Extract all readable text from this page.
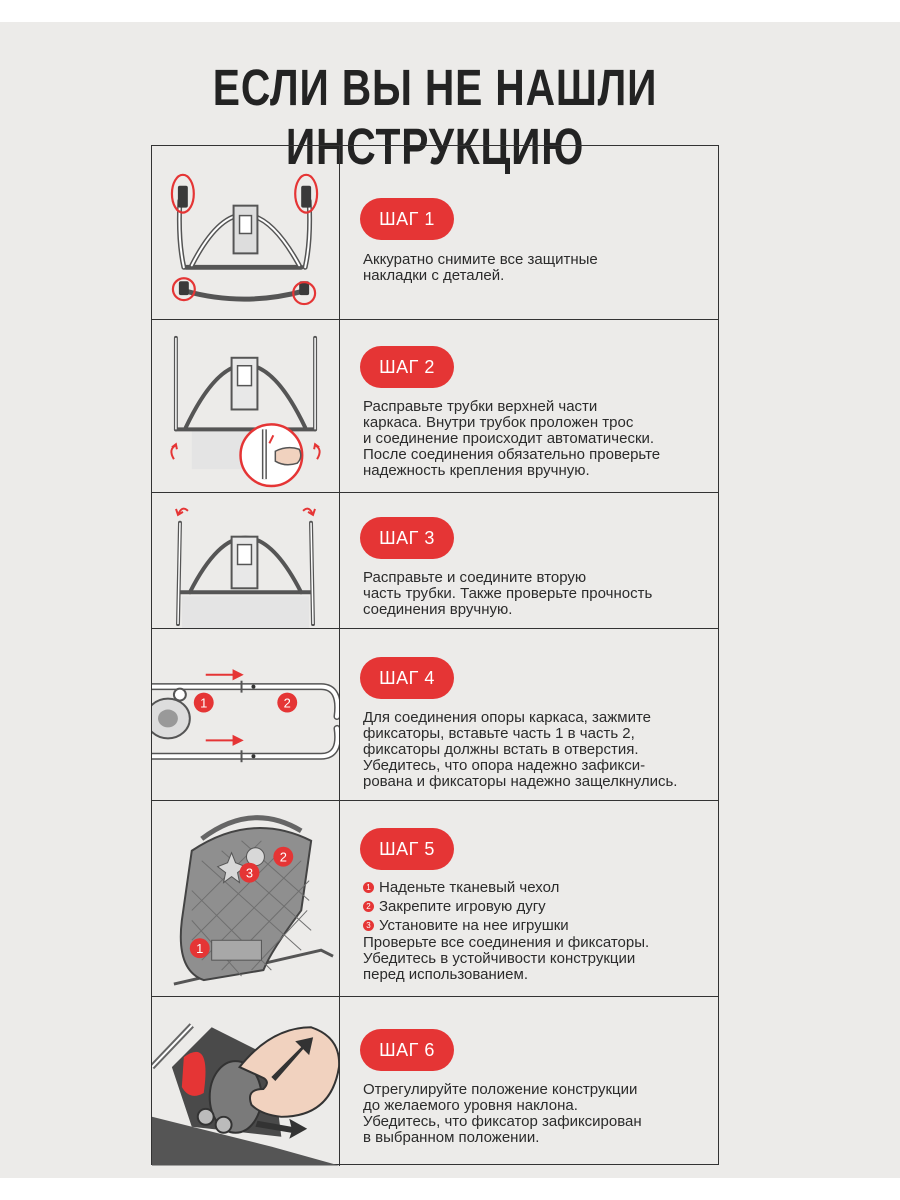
ЕСЛИ ВЫ НЕ НАШЛИ ИНСТРУКЦИЮ
ШАГ 1

Аккуратно снимите все защитные

накладки с деталей.

ШАГ 2

Расправьте трубки верхней части

каркаса. Внутри трубок проложен трос

и соединение происходит автоматически.

После соединения обязательно проверьте

надежность крепления вручную.

ШАГ 3

Расправьте и соедините вторую

часть трубки. Также проверьте прочность

соединения вручную.

1	2
ШАГ 4

Для соединения опоры каркаса, зажмите

фиксаторы, вставьте часть 1 в часть 2,

фиксаторы должны встать в отверстия.

Убедитесь, что опора надежно зафикси-

рована и фиксаторы надежно защелкнулись.

1
2
3
ШАГ 5
1 Наденьте тканевый чехол
2 Закрепите игровую дугу
3 Установите на нее игрушки

Проверьте все соединения и фиксаторы.

Убедитесь в устойчивости конструкции

перед использованием.

ШАГ 6

Отрегулируйте положение конструкции

до желаемого уровня наклона.

Убедитесь, что фиксатор зафиксирован

в выбранном положении.
